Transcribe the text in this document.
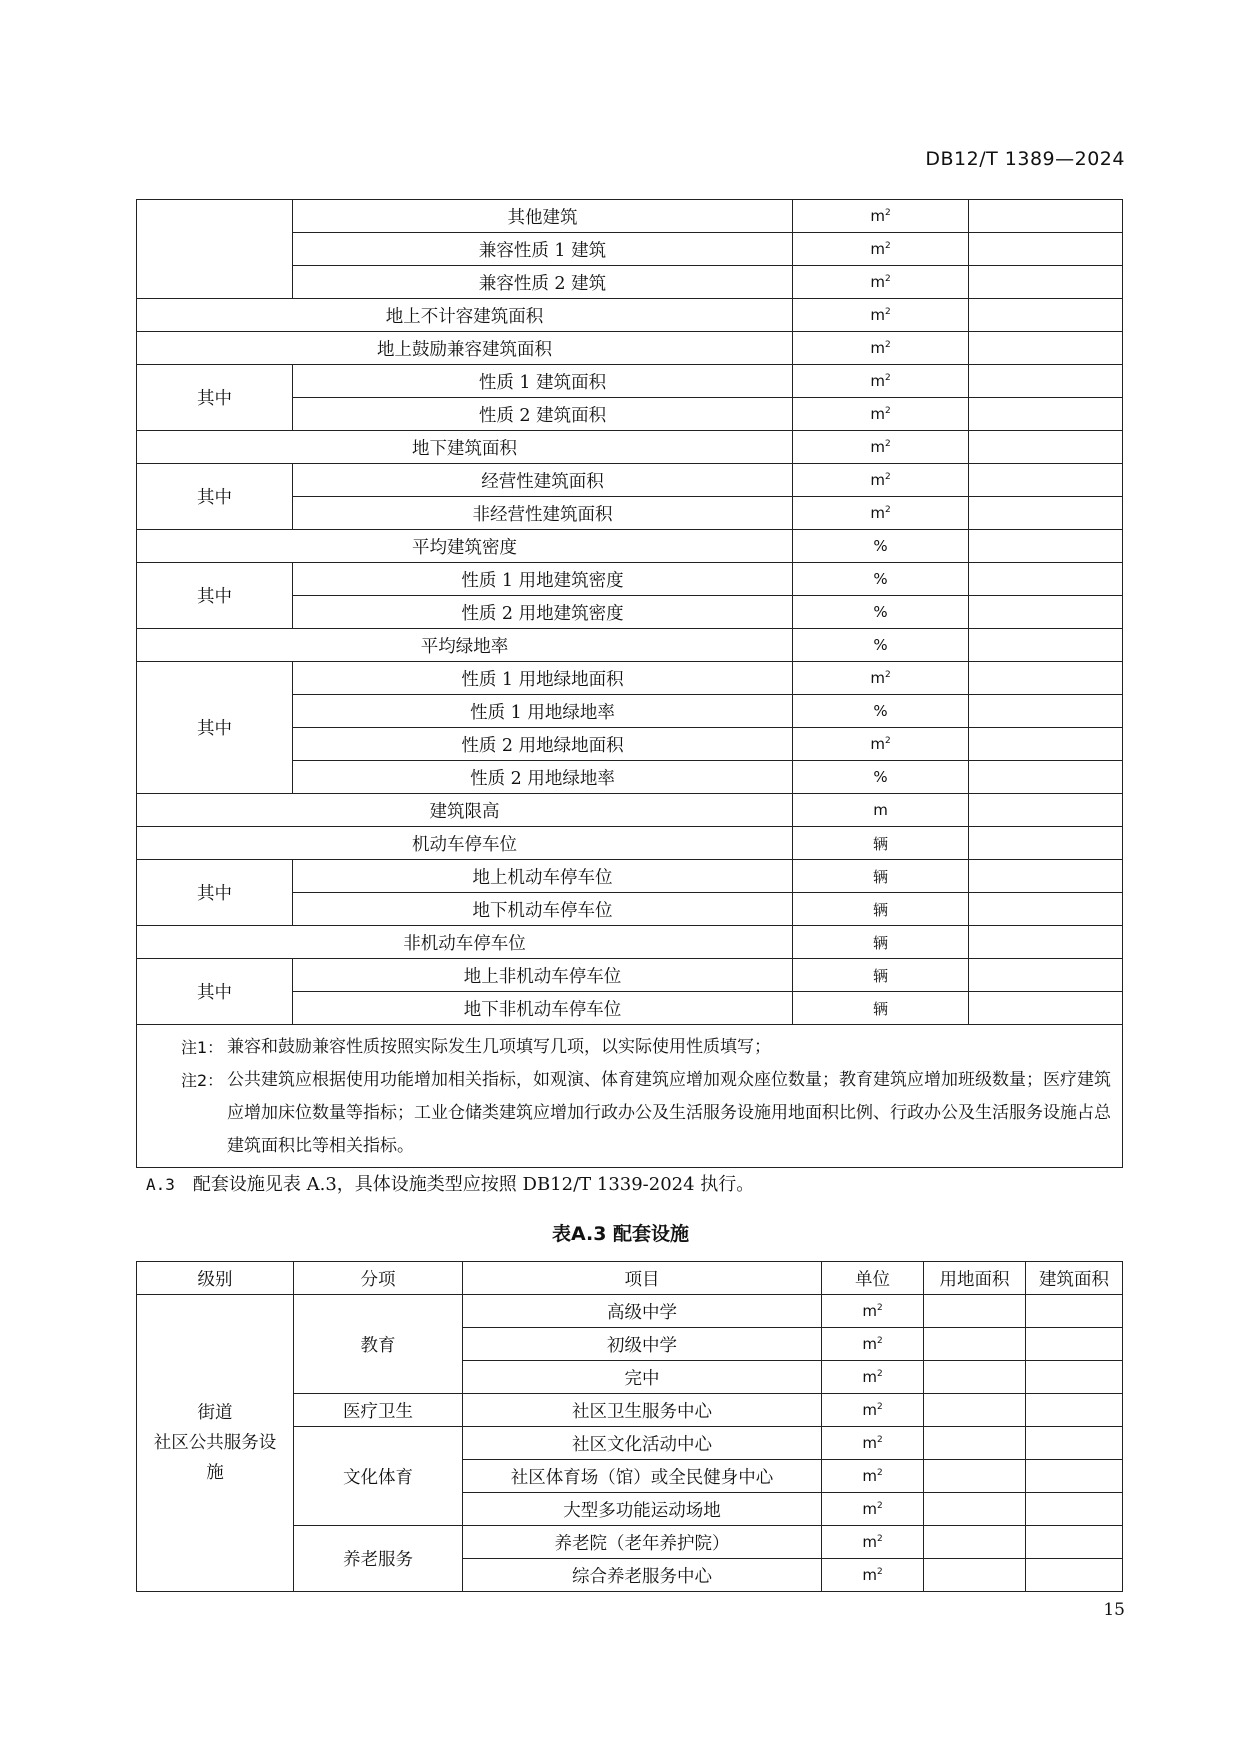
DB12/T 1389—2024
	其他建筑	$m^2$	
	兼容性质 1 建筑	$m^2$	
	兼容性质 2 建筑	$m^2$	
地上不计容建筑面积		$m^2$	
地上鼓励兼容建筑面积		$m^2$	
其中	性质 1 建筑面积	$m^2$	
	性质 2 建筑面积	$m^2$	
地下建筑面积		$m^2$	
其中	经营性建筑面积	$m^2$	
	非经营性建筑面积	$m^2$	
平均建筑密度		%	
其中	性质 1 用地建筑密度	%	
	性质 2 用地建筑密度	%	
平均绿地率		%	
其中	性质 1 用地绿地面积	$m^2$	
	性质 1 用地绿地率	%	
	性质 2 用地绿地面积	$m^2$	
	性质 2 用地绿地率	%	
建筑限高		m	
机动车停车位		辆	
其中	地上机动车停车位	辆	
	地下机动车停车位	辆	
非机动车停车位		辆	
其中	地上非机动车停车位	辆	
	地下非机动车停车位	辆	

注1： 兼容和鼓励兼容性质按照实际发生几项填写几项，以实际使用性质填写；
注2： 公共建筑应根据使用功能增加相关指标，如观演、体育建筑应增加观众座位数量；教育建筑应增加班级数量；医疗建筑应增加床位数量等指标；工业仓储类建筑应增加行政办公及生活服务设施用地面积比例、行政办公及生活服务设施占总建筑面积比等相关指标。			
A.3 配套设施见表 A.3，具体设施类型应按照 DB12/T 1339-2024 执行。
表A.3 配套设施
级别	分项	项目	单位	用地面积	建筑面积

街道
社区公共服务设
施	教育	高级中学	$m^2$		
		初级中学	$m^2$		
		完中	$m^2$		
	医疗卫生	社区卫生服务中心	$m^2$		
	文化体育	社区文化活动中心	$m^2$		
		社区体育场（馆）或全民健身中心	$m^2$		
		大型多功能运动场地	$m^2$		
	养老服务	养老院（老年养护院）	$m^2$		
		综合养老服务中心	$m^2$		
15
